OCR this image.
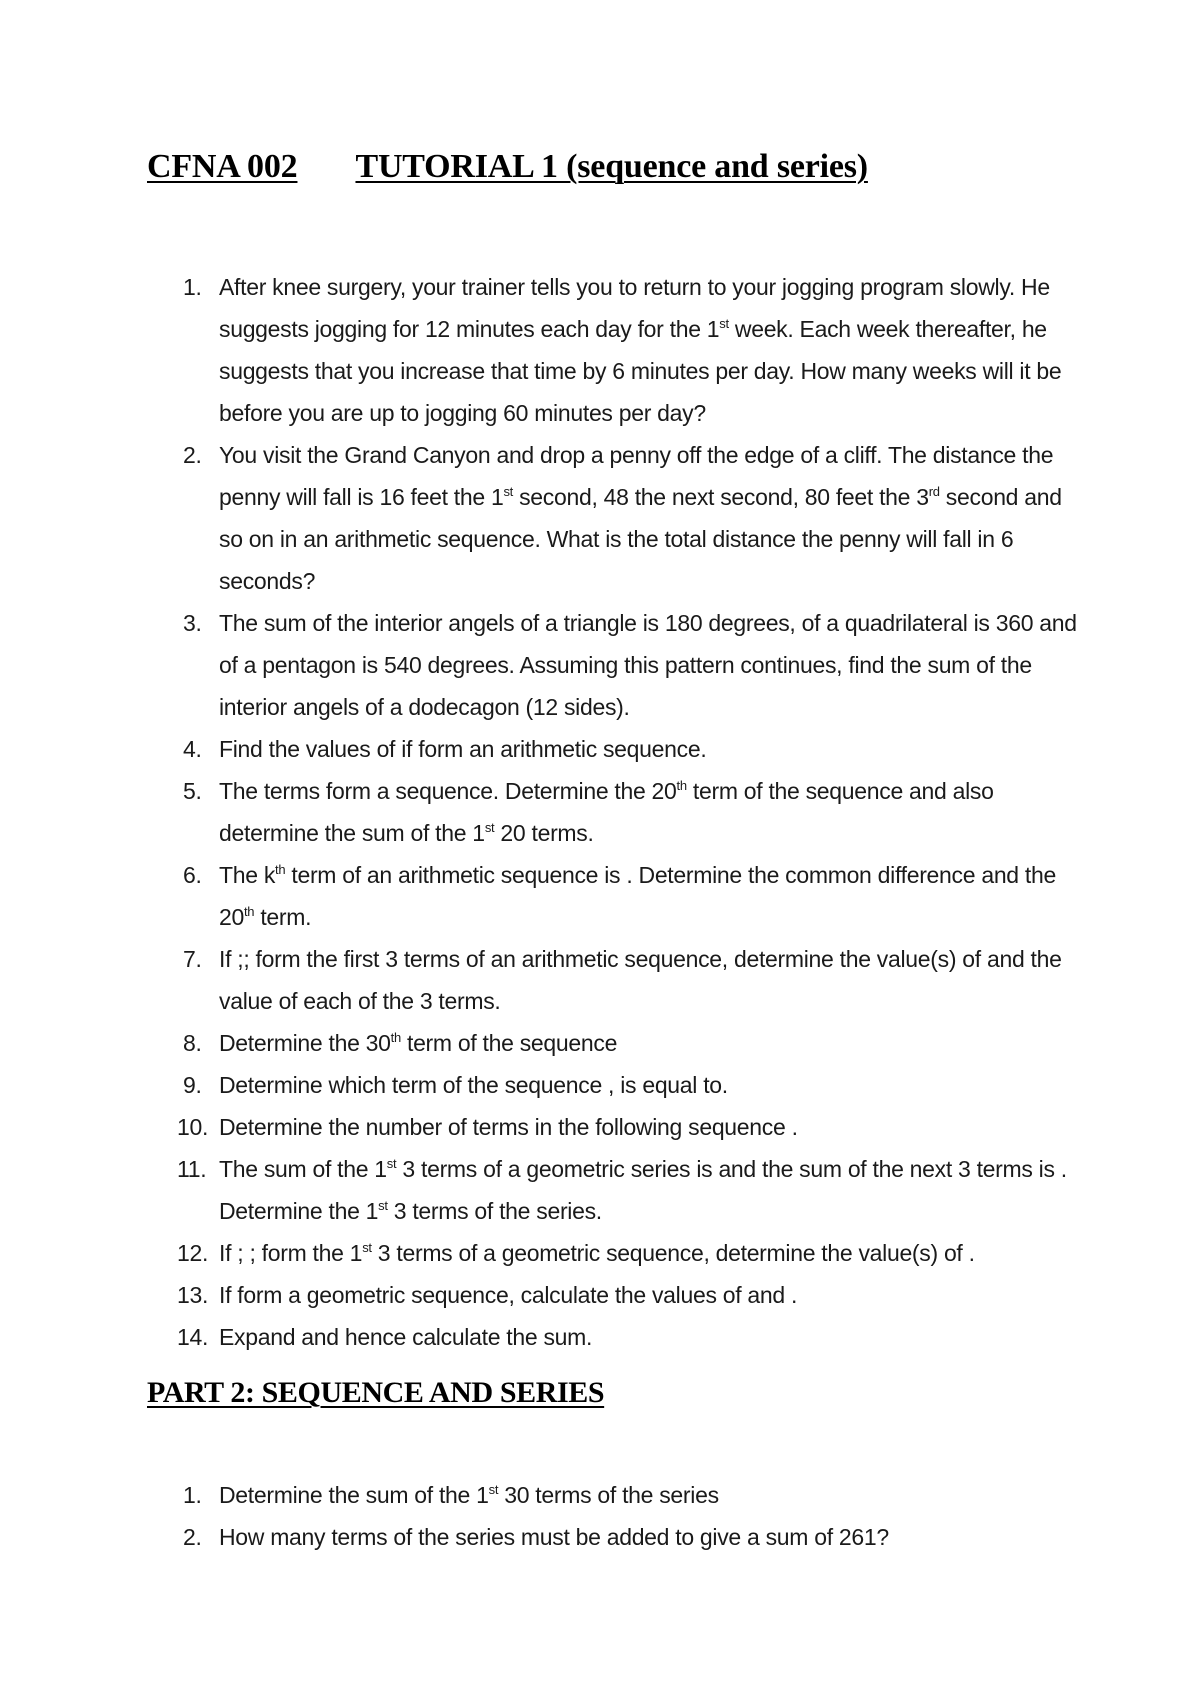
CFNA 002 TUTORIAL 1 (sequence and series)
1. After knee surgery, your trainer tells you to return to your jogging program slowly. He suggests jogging for 12 minutes each day for the 1st week. Each week thereafter, he suggests that you increase that time by 6 minutes per day. How many weeks will it be before you are up to jogging 60 minutes per day?
2. You visit the Grand Canyon and drop a penny off the edge of a cliff. The distance the penny will fall is 16 feet the 1st second, 48 the next second, 80 feet the 3rd second and so on in an arithmetic sequence. What is the total distance the penny will fall in 6 seconds?
3. The sum of the interior angels of a triangle is 180 degrees, of a quadrilateral is 360 and of a pentagon is 540 degrees. Assuming this pattern continues, find the sum of the interior angels of a dodecagon (12 sides).
4. Find the values of if form an arithmetic sequence.
5. The terms form a sequence. Determine the 20th term of the sequence and also determine the sum of the 1st 20 terms.
6. The $k^{th}$ term of an arithmetic sequence is . Determine the common difference and the 20th term.
7. If ;; form the first 3 terms of an arithmetic sequence, determine the value(s) of and the value of each of the 3 terms.
8. Determine the 30th term of the sequence
9. Determine which term of the sequence , is equal to.
10. Determine the number of terms in the following sequence .
11. The sum of the 1st 3 terms of a geometric series is and the sum of the next 3 terms is . Determine the 1st 3 terms of the series.
12. If ; ; form the 1st 3 terms of a geometric sequence, determine the value(s) of .
13. If form a geometric sequence, calculate the values of and .
14. Expand and hence calculate the sum.
PART 2: SEQUENCE AND SERIES
1. Determine the sum of the 1st 30 terms of the series
2. How many terms of the series must be added to give a sum of 261?
